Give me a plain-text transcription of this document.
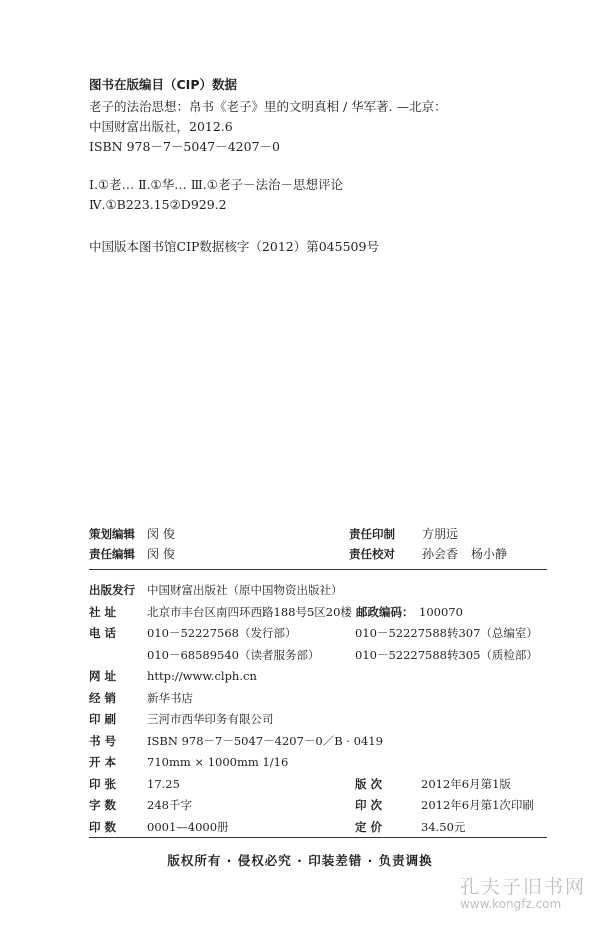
图书在版编目（CIP）数据
老子的法治思想：帛书《老子》里的文明真相 / 华军著. —北京：
中国财富出版社，2012.6
ISBN 978－7－5047－4207－0
Ⅰ.①老… Ⅱ.①华… Ⅲ.①老子－法治－思想评论
Ⅳ.①B223.15②D929.2
中国版本图书馆CIP数据核字（2012）第045509号
策划编辑 闵 俊	责任印制 方朋远
责任编辑 闵 俊	责任校对 孙会香 杨小静
出版发行 中国财富出版社（原中国物资出版社）
社 址	北京市丰台区南四环西路188号5区20楼 邮政编码： 100070
电 话	010－52227568（发行部）	010－52227588转307（总编室）
010－68589540（读者服务部）	010－52227588转305（质检部）
网 址	http://www.clph.cn
经 销	新华书店
印 刷	三河市西华印务有限公司
书 号	ISBN 978－7－5047－4207－0／B · 0419
开 本	710mm × 1000mm 1/16
印 张	17.25	版 次	2012年6月第1版
字 数	248千字	印 次	2012年6月第1次印刷
印 数	0001—4000册	定 价	34.50元
版权所有 · 侵权必究 · 印装差错 · 负责调换
孔夫子旧书网
www.kongfz.com
